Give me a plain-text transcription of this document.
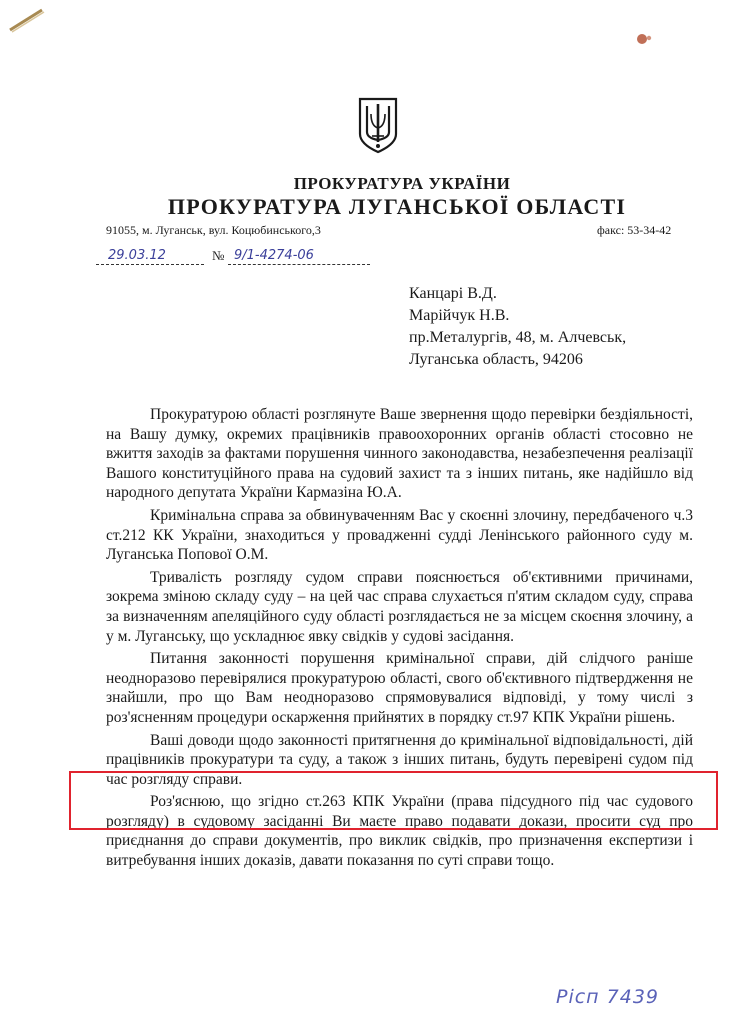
ПРОКУРАТУРА УКРАЇНИ
ПРОКУРАТУРА ЛУГАНСЬКОЇ ОБЛАСТІ
91055, м. Луганськ, вул. Коцюбинського,3	факс: 53-34-42
29.03.12	№ 9/1-4274-06
Канцарі В.Д.
Марійчук Н.В.
пр.Металургів, 48, м. Алчевськ,
Луганська область, 94206

Прокуратурою області розглянуте Ваше звернення щодо перевірки бездіяльності, на Вашу думку, окремих працівників правоохоронних органів області стосовно не вжиття заходів за фактами порушення чинного законодавства, незабезпечення реалізації Вашого конституційного права на судовий захист та з інших питань, яке надійшло від народного депутата України Кармазіна Ю.А.

Кримінальна справа за обвинуваченням Вас у скоєнні злочину, передбаченого ч.3 ст.212 КК України, знаходиться у провадженні судді Ленінського районного суду м. Луганська Попової О.М.

Тривалість розгляду судом справи пояснюється об'єктивними причинами, зокрема зміною складу суду – на цей час справа слухається п'ятим складом суду, справа за визначенням апеляційного суду області розглядається не за місцем скоєння злочину, а у м. Луганську, що ускладнює явку свідків у судові засідання.

Питання законності порушення кримінальної справи, дій слідчого раніше неодноразово перевірялися прокуратурою області, свого об'єктивного підтвердження не знайшли, про що Вам неодноразово спрямовувалися відповіді, у тому числі з роз'ясненням процедури оскарження прийнятих в порядку ст.97 КПК України рішень.

Ваші доводи щодо законності притягнення до кримінальної відповідальності, дій працівників прокуратури та суду, а також з інших питань, будуть перевірені судом під час розгляду справи.

Роз'яснюю, що згідно ст.263 КПК України (права підсудного під час судового розгляду) в судовому засіданні Ви маєте право подавати докази, просити суд про приєднання до справи документів, про виклик свідків, про призначення експертизи і витребування інших доказів, давати показання по суті справи тощо.

Рісп 7439
